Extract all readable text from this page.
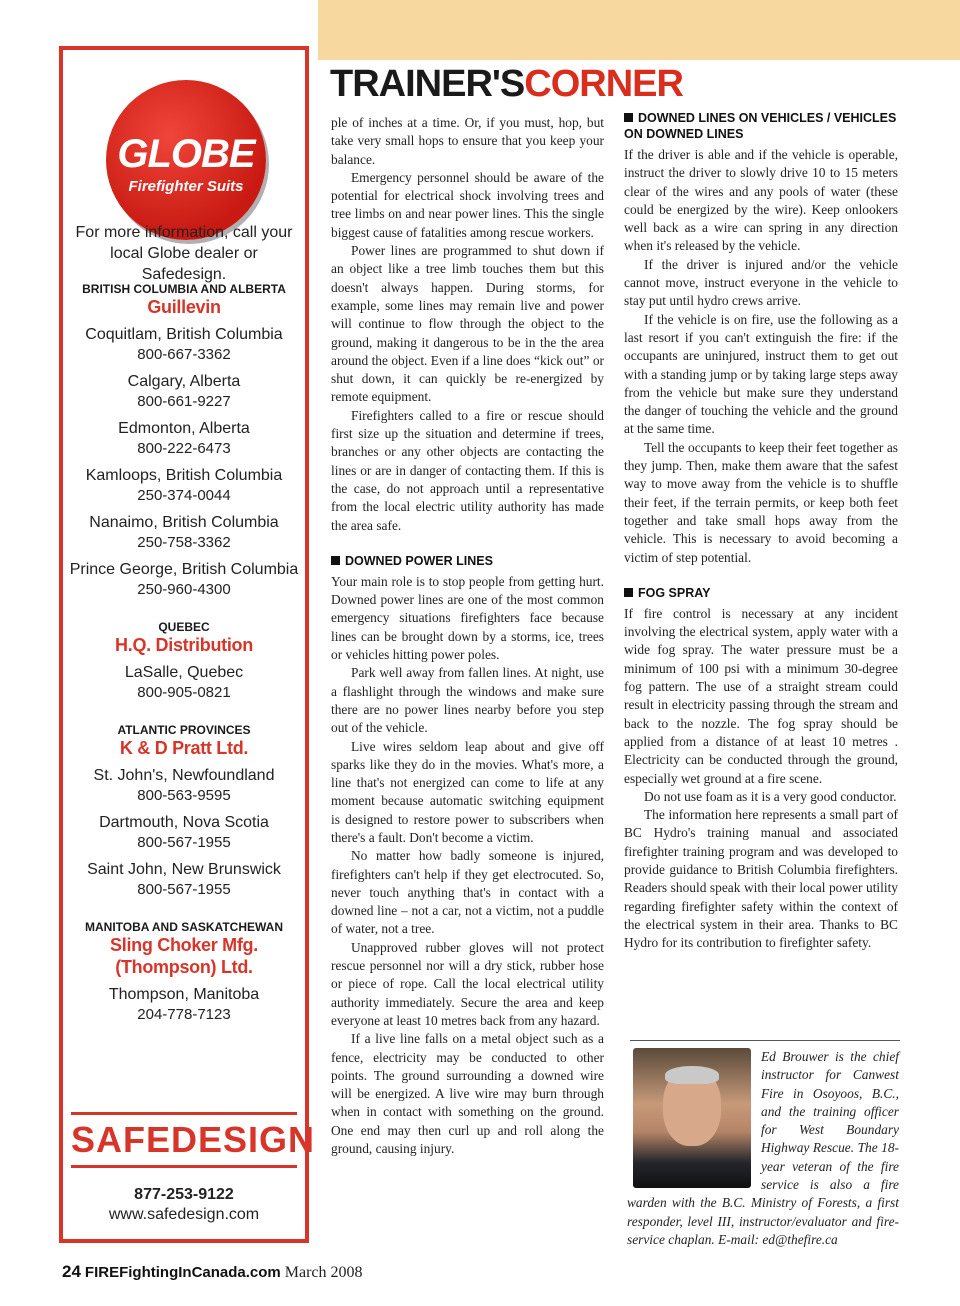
TRAINER'SCORNER
GLOBE
Firefighter Suits
For more information, call your local Globe dealer or Safedesign.
BRITISH COLUMBIA AND ALBERTA
Guillevin
Coquitlam, British Columbia
800-667-3362
Calgary, Alberta
800-661-9227
Edmonton, Alberta
800-222-6473
Kamloops, British Columbia
250-374-0044
Nanaimo, British Columbia
250-758-3362
Prince George, British Columbia
250-960-4300
QUEBEC
H.Q. Distribution
LaSalle, Quebec
800-905-0821
ATLANTIC PROVINCES
K & D Pratt Ltd.
St. John's, Newfoundland
800-563-9595
Dartmouth, Nova Scotia
800-567-1955
Saint John, New Brunswick
800-567-1955
MANITOBA AND SASKATCHEWAN
Sling Choker Mfg. (Thompson) Ltd.
Thompson, Manitoba
204-778-7123
SAFEDESIGN
877-253-9122
www.safedesign.com

ple of inches at a time. Or, if you must, hop, but take very small hops to ensure that you keep your balance.

Emergency personnel should be aware of the potential for electrical shock involving trees and tree limbs on and near power lines. This the single biggest cause of fatalities among rescue workers.

Power lines are programmed to shut down if an object like a tree limb touches them but this doesn't always happen. During storms, for example, some lines may remain live and power will continue to flow through the object to the ground, making it dangerous to be in the the area around the object. Even if a line does “kick out” or shut down, it can quickly be re-energized by remote equipment.

Firefighters called to a fire or rescue should first size up the situation and determine if trees, branches or any other objects are contacting the lines or are in danger of contacting them. If this is the case, do not approach until a representative from the local electric utility authority has made the area safe.

DOWNED POWER LINES

Your main role is to stop people from getting hurt. Downed power lines are one of the most common emergency situations firefighters face because lines can be brought down by a storms, ice, trees or vehicles hitting power poles.

Park well away from fallen lines. At night, use a flashlight through the windows and make sure there are no power lines nearby before you step out of the vehicle.

Live wires seldom leap about and give off sparks like they do in the movies. What's more, a line that's not energized can come to life at any moment because automatic switching equipment is designed to restore power to subscribers when there's a fault. Don't become a victim.

No matter how badly someone is injured, firefighters can't help if they get electrocuted. So, never touch anything that's in contact with a downed line – not a car, not a victim, not a puddle of water, not a tree.

Unapproved rubber gloves will not protect rescue personnel nor will a dry stick, rubber hose or piece of rope. Call the local electrical utility authority immediately. Secure the area and keep everyone at least 10 metres back from any hazard.

If a live line falls on a metal object such as a fence, electricity may be conducted to other points. The ground surrounding a downed wire will be energized. A live wire may burn through when in contact with something on the ground. One end may then curl up and roll along the ground, causing injury.

DOWNED LINES ON VEHICLES / VEHICLES ON DOWNED LINES

If the driver is able and if the vehicle is operable, instruct the driver to slowly drive 10 to 15 meters clear of the wires and any pools of water (these could be energized by the wire). Keep onlookers well back as a wire can spring in any direction when it's released by the vehicle.

If the driver is injured and/or the vehicle cannot move, instruct everyone in the vehicle to stay put until hydro crews arrive.

If the vehicle is on fire, use the following as a last resort if you can't extinguish the fire: if the occupants are uninjured, instruct them to get out with a standing jump or by taking large steps away from the vehicle but make sure they understand the danger of touching the vehicle and the ground at the same time.

Tell the occupants to keep their feet together as they jump. Then, make them aware that the safest way to move away from the vehicle is to shuffle their feet, if the terrain permits, or keep both feet together and take small hops away from the vehicle. This is necessary to avoid becoming a victim of step potential.

FOG SPRAY

If fire control is necessary at any incident involving the electrical system, apply water with a wide fog spray. The water pressure must be a minimum of 100 psi with a minimum 30-degree fog pattern. The use of a straight stream could result in electricity passing through the stream and back to the nozzle. The fog spray should be applied from a distance of at least 10 metres . Electricity can be conducted through the ground, especially wet ground at a fire scene.

Do not use foam as it is a very good conductor.

The information here represents a small part of BC Hydro's training manual and associated firefighter training program and was developed to provide guidance to British Columbia firefighters. Readers should speak with their local power utility regarding firefighter safety within the context of the electrical system in their area. Thanks to BC Hydro for its contribution to firefighter safety.

Ed Brouwer is the chief instructor for Canwest Fire in Osoyoos, B.C., and the training officer for West Boundary Highway Rescue. The 18-year veteran of the fire service is also a fire warden with the B.C. Ministry of Forests, a first responder, level III, instructor/evaluator and fire-service chaplan. E-mail: ed@thefire.ca
24 FIREFightingInCanada.com March 2008
